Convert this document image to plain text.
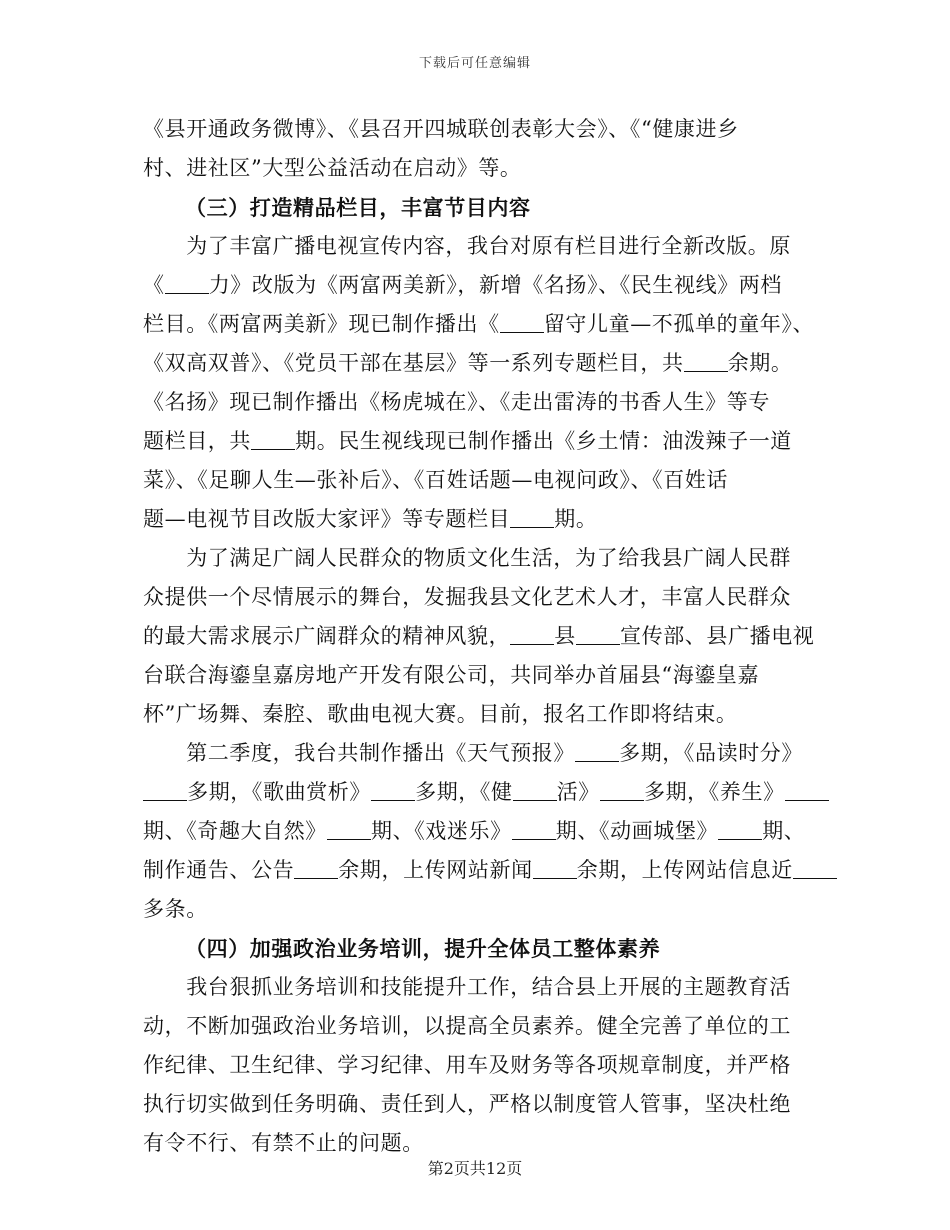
下载后可任意编辑
《县开通政务微博》、《县召开四城联创表彰大会》、《“健康进乡
村、进社区”大型公益活动在启动》等。
（三）打造精品栏目，丰富节目内容
　　为了丰富广播电视宣传内容，我台对原有栏目进行全新改版。原
《 力》改版为《两富两美新》，新增《名扬》、《民生视线》两档
栏目。《两富两美新》现已制作播出《 留守儿童—不孤单的童年》、
《双高双普》、《党员干部在基层》等一系列专题栏目，共 余期。
《名扬》现已制作播出《杨虎城在》、《走出雷涛的书香人生》等专
题栏目，共 期。民生视线现已制作播出《乡土情：油泼辣子一道
菜》、《足聊人生—张补后》、《百姓话题—电视问政》、《百姓话
题—电视节目改版大家评》等专题栏目 期。
　　为了满足广阔人民群众的物质文化生活，为了给我县广阔人民群
众提供一个尽情展示的舞台，发掘我县文化艺术人才，丰富人民群众
的最大需求展示广阔群众的精神风貌， 县 宣传部、县广播电视
台联合海鎏皇嘉房地产开发有限公司，共同举办首届县“海鎏皇嘉
杯”广场舞、秦腔、歌曲电视大赛。目前，报名工作即将结束。
　　第二季度，我台共制作播出《天气预报》 多期，《品读时分》
多期，《歌曲赏析》 多期，《健 活》 多期，《养生》
期、《奇趣大自然》 期、《戏迷乐》 期、《动画城堡》 期、
制作通告、公告 余期，上传网站新闻 余期，上传网站信息近
多条。
（四）加强政治业务培训，提升全体员工整体素养
　　我台狠抓业务培训和技能提升工作，结合县上开展的主题教育活
动，不断加强政治业务培训，以提高全员素养。健全完善了单位的工
作纪律、卫生纪律、学习纪律、用车及财务等各项规章制度，并严格
执行切实做到任务明确、责任到人，严格以制度管人管事，坚决杜绝
有令不行、有禁不止的问题。
第2页共12页
